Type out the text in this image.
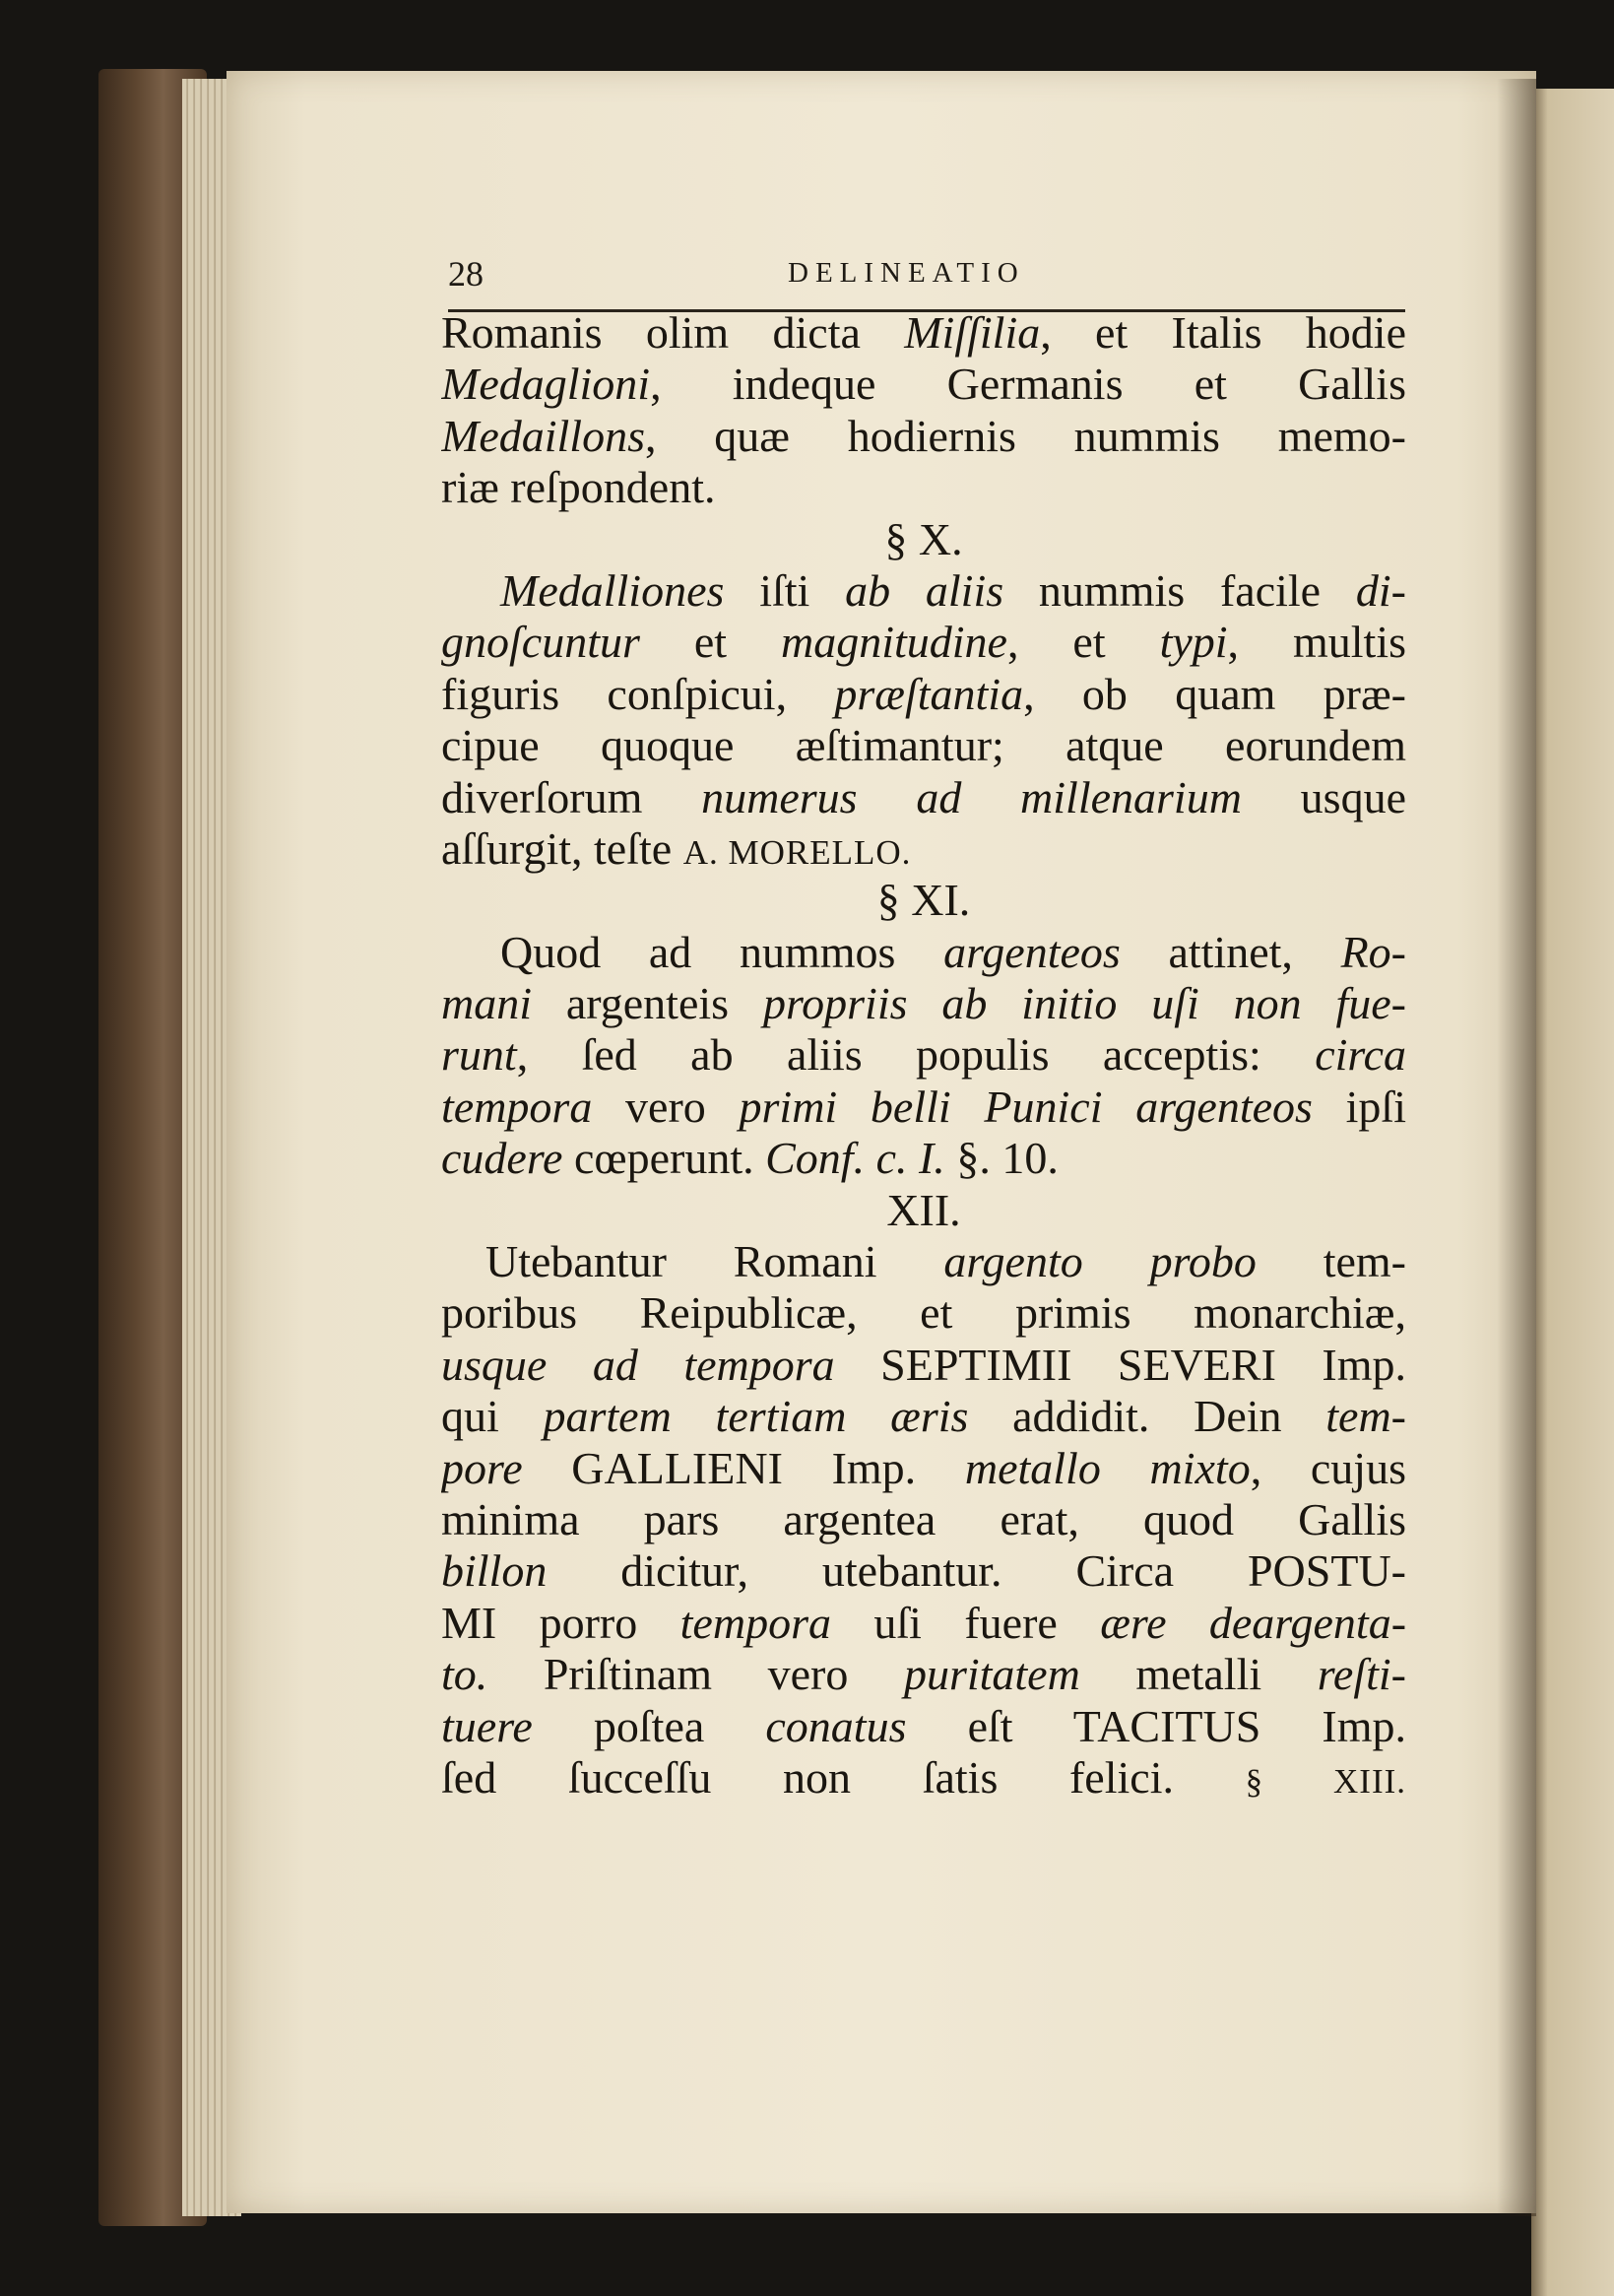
28	DELINEATIO
Romanis olim dicta Miſſilia, et Italis hodie
Medaglioni, indeque Germanis et Gallis
Medaillons, quæ hodiernis nummis memo-
riæ reſpondent.
§ X.
Medalliones iſti ab aliis nummis facile di-
gnoſcuntur et magnitudine, et typi, multis
figuris conſpicui, præſtantia, ob quam præ-
cipue quoque æſtimantur; atque eorundem
diverſorum numerus ad millenarium usque
aſſurgit, teſte A. MORELLO.
§ XI.
Quod ad nummos argenteos attinet, Ro-
mani argenteis propriis ab initio uſi non fue-
runt, ſed ab aliis populis acceptis: circa
tempora vero primi belli Punici argenteos ipſi
cudere cœperunt. Conf. c. I. §. 10.
XII.
Utebantur Romani argento probo tem-
poribus Reipublicæ, et primis monarchiæ,
usque ad tempora SEPTIMII SEVERI Imp.
qui partem tertiam æris addidit. Dein tem-
pore GALLIENI Imp. metallo mixto, cujus
minima pars argentea erat, quod Gallis
billon dicitur, utebantur. Circa POSTU-
MI porro tempora uſi fuere ære deargenta-
to. Priſtinam vero puritatem metalli reſti-
tuere poſtea conatus eſt TACITUS Imp.
ſed ſucceſſu non ſatis felici. § XIII.
